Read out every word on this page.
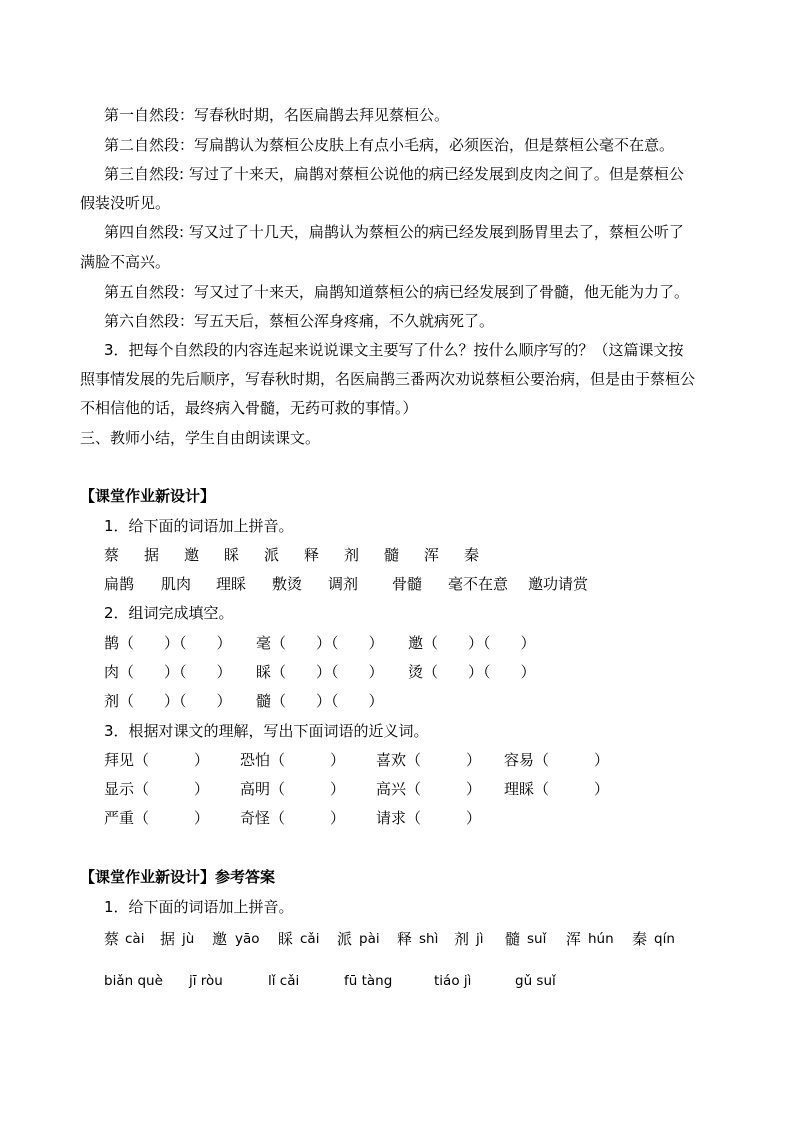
第一自然段：写春秋时期，名医扁鹊去拜见蔡桓公。
第二自然段：写扁鹊认为蔡桓公皮肤上有点小毛病，必须医治，但是蔡桓公毫不在意。
第三自然段: 写过了十来天，扁鹊对蔡桓公说他的病已经发展到皮肉之间了。但是蔡桓公
假装没听见。
第四自然段: 写又过了十几天，扁鹊认为蔡桓公的病已经发展到肠胃里去了，蔡桓公听了
满脸不高兴。
第五自然段：写又过了十来天，扁鹊知道蔡桓公的病已经发展到了骨髓，他无能为力了。
第六自然段：写五天后，蔡桓公浑身疼痛，不久就病死了。
3．把每个自然段的内容连起来说说课文主要写了什么？按什么顺序写的？（这篇课文按
照事情发展的先后顺序，写春秋时期，名医扁鹊三番两次劝说蔡桓公要治病，但是由于蔡桓公
不相信他的话，最终病入骨髓，无药可救的事情。）
三、教师小结，学生自由朗读课文。
【课堂作业新设计】
1．给下面的词语加上拼音。
蔡 据 邀 睬 派 释 剂 髓 浑 秦
扁鹊 肌肉 理睬 敷烫 调剂 骨髓 毫不在意 邀功请赏
2．组词完成填空。
鹊（　　）（　　） 毫（　　）（　　） 邀（　　）（　　）
肉（　　）（　　） 睬（　　）（　　） 烫（　　）（　　）
剂（　　）（　　） 髓（　　）（　　）
3．根据对课文的理解，写出下面词语的近义词。
拜见（　　　） 恐怕（　　　） 喜欢（　　　） 容易（　　　）
显示（　　　） 高明（　　　） 高兴（　　　） 理睬（　　　）
严重（　　　） 奇怪（　　　） 请求（　　　）
【课堂作业新设计】参考答案
1．给下面的词语加上拼音。
蔡 cài 据 jù 邀 yāo 睬 cǎi 派 pài 释 shì 剂 jì 髓 suǐ 浑 hún 秦 qín
biǎn què jī ròu	lǐ cǎi	fū tàng	tiáo jì	gǔ suǐ
